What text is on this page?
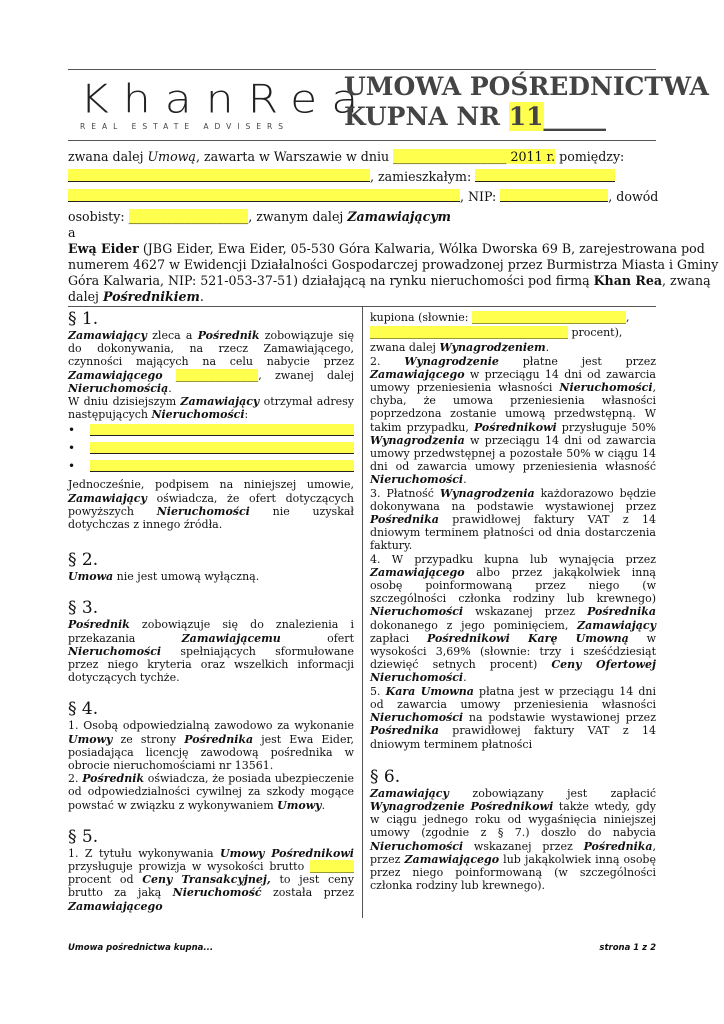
KhanRea
REAL ESTATE ADVISERS
UMOWA POŚREDNICTWA
KUPNA NR 11_____
zwana dalej Umową, zawarta w Warszawie w dniu __________________ 2011 r. pomiędzy:
, zamieszkałym:
, NIP:	, dowód
osobisty: ___________________, zwanym dalej Zamawiającym
a
Ewą Eider (JBG Eider, Ewa Eider, 05-530 Góra Kalwaria, Wólka Dworska 69 B, zarejestrowana pod
numerem 4627 w Ewidencji Działalności Gospodarczej prowadzonej przez Burmistrza Miasta i Gminy
Góra Kalwaria, NIP: 521-053-37-51) działającą na rynku nieruchomości pod firmą Khan Rea, zwaną
dalej Pośrednikiem.

§ 1.

Zamawiający zleca a Pośrednik zobowiązuje się do dokonywania, na rzecz Zamawiającego, czynności mających na celu nabycie przez Zamawiającego _______________, zwanej dalej Nieruchomością.

W dniu dzisiejszym Zamawiający otrzymał adresy następujących Nieruchomości:

•
•
•

Jednocześnie, podpisem na niniejszej umowie, Zamawiający oświadcza, że ofert dotyczących powyższych Nieruchomości nie uzyskał dotychczas z innego źródła.

§ 2.

Umowa nie jest umową wyłączną.

§ 3.

Pośrednik zobowiązuje się do znalezienia i przekazania Zamawiającemu ofert Nieruchomości spełniających sformułowane przez niego kryteria oraz wszelkich informacji dotyczących tychże.

§ 4.

1. Osobą odpowiedzialną zawodowo za wykonanie Umowy ze strony Pośrednika jest Ewa Eider, posiadająca licencję zawodową pośrednika w obrocie nieruchomościami nr 13561.

2. Pośrednik oświadcza, że posiada ubezpieczenie od odpowiedzialności cywilnej za szkody mogące powstać w związku z wykonywaniem Umowy.

§ 5.

1. Z tytułu wykonywania Umowy Pośrednikowi przysługuje prowizja w wysokości brutto ________ procent od Ceny Transakcyjnej, to jest ceny brutto za jaką Nieruchomość została przez Zamawiającego

kupiona (słownie: ____________________________,

____________________________________ procent),

zwana dalej Wynagrodzeniem.

2. Wynagrodzenie płatne jest przez Zamawiającego w przeciągu 14 dni od zawarcia umowy przeniesienia własności Nieruchomości, chyba, że umowa przeniesienia własności poprzedzona zostanie umową przedwstępną. W takim przypadku, Pośrednikowi przysługuje 50% Wynagrodzenia w przeciągu 14 dni od zawarcia umowy przedwstępnej a pozostałe 50% w ciągu 14 dni od zawarcia umowy przeniesienia własność Nieruchomości.

3. Płatność Wynagrodzenia każdorazowo będzie dokonywana na podstawie wystawionej przez Pośrednika prawidłowej faktury VAT z 14 dniowym terminem płatności od dnia dostarczenia faktury.

4. W przypadku kupna lub wynajęcia przez Zamawiającego albo przez jakąkolwiek inną osobę poinformowaną przez niego (w szczególności członka rodziny lub krewnego) Nieruchomości wskazanej przez Pośrednika dokonanego z jego pominięciem, Zamawiający zapłaci Pośrednikowi Karę Umowną w wysokości 3,69% (słownie: trzy i sześćdziesiąt dziewięć setnych procent) Ceny Ofertowej Nieruchomości.

5. Kara Umowna płatna jest w przeciągu 14 dni od zawarcia umowy przeniesienia własności Nieruchomości na podstawie wystawionej przez Pośrednika prawidłowej faktury VAT z 14 dniowym terminem płatności

§ 6.

Zamawiający zobowiązany jest zapłacić Wynagrodzenie Pośrednikowi także wtedy, gdy w ciągu jednego roku od wygaśnięcia niniejszej umowy (zgodnie z § 7.) doszło do nabycia Nieruchomości wskazanej przez Pośrednika, przez Zamawiającego lub jakąkolwiek inną osobę przez niego poinformowaną (w szczególności członka rodziny lub krewnego).

Umowa pośrednictwa kupna...	strona 1 z 2
